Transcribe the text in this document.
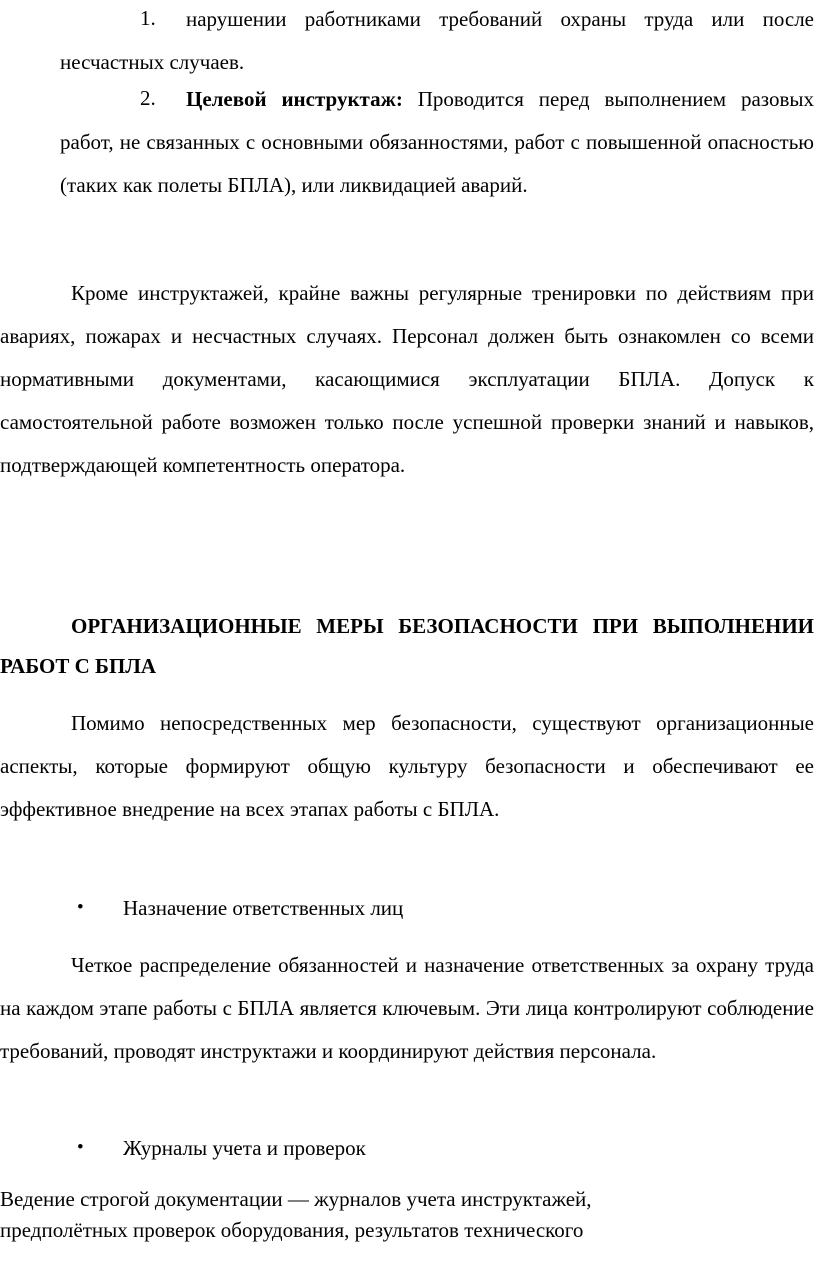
1.	нарушении работниками требований охраны труда или после несчастных случаев.

2.	Целевой инструктаж: Проводится перед выполнением разовых работ, не связанных с основными обязанностями, работ с повышенной опасностью (таких как полеты БПЛА), или ликвидацией аварий.

Кроме инструктажей, крайне важны регулярные тренировки по действиям при авариях, пожарах и несчастных случаях. Персонал должен быть ознакомлен со всеми нормативными документами, касающимися эксплуатации БПЛА. Допуск к самостоятельной работе возможен только после успешной проверки знаний и навыков, подтверждающей компетентность оператора.

ОРГАНИЗАЦИОННЫЕ МЕРЫ БЕЗОПАСНОСТИ ПРИ ВЫПОЛНЕНИИ РАБОТ С БПЛА

Помимо непосредственных мер безопасности, существуют организационные аспекты, которые формируют общую культуру безопасности и обеспечивают ее эффективное внедрение на всех этапах работы с БПЛА.

• Назначение ответственных лиц

Четкое распределение обязанностей и назначение ответственных за охрану труда на каждом этапе работы с БПЛА является ключевым. Эти лица контролируют соблюдение требований, проводят инструктажи и координируют действия персонала.

• Журналы учета и проверок
Ведение строгой документации — журналов учета инструктажей,
предполётных проверок оборудования, результатов технического
